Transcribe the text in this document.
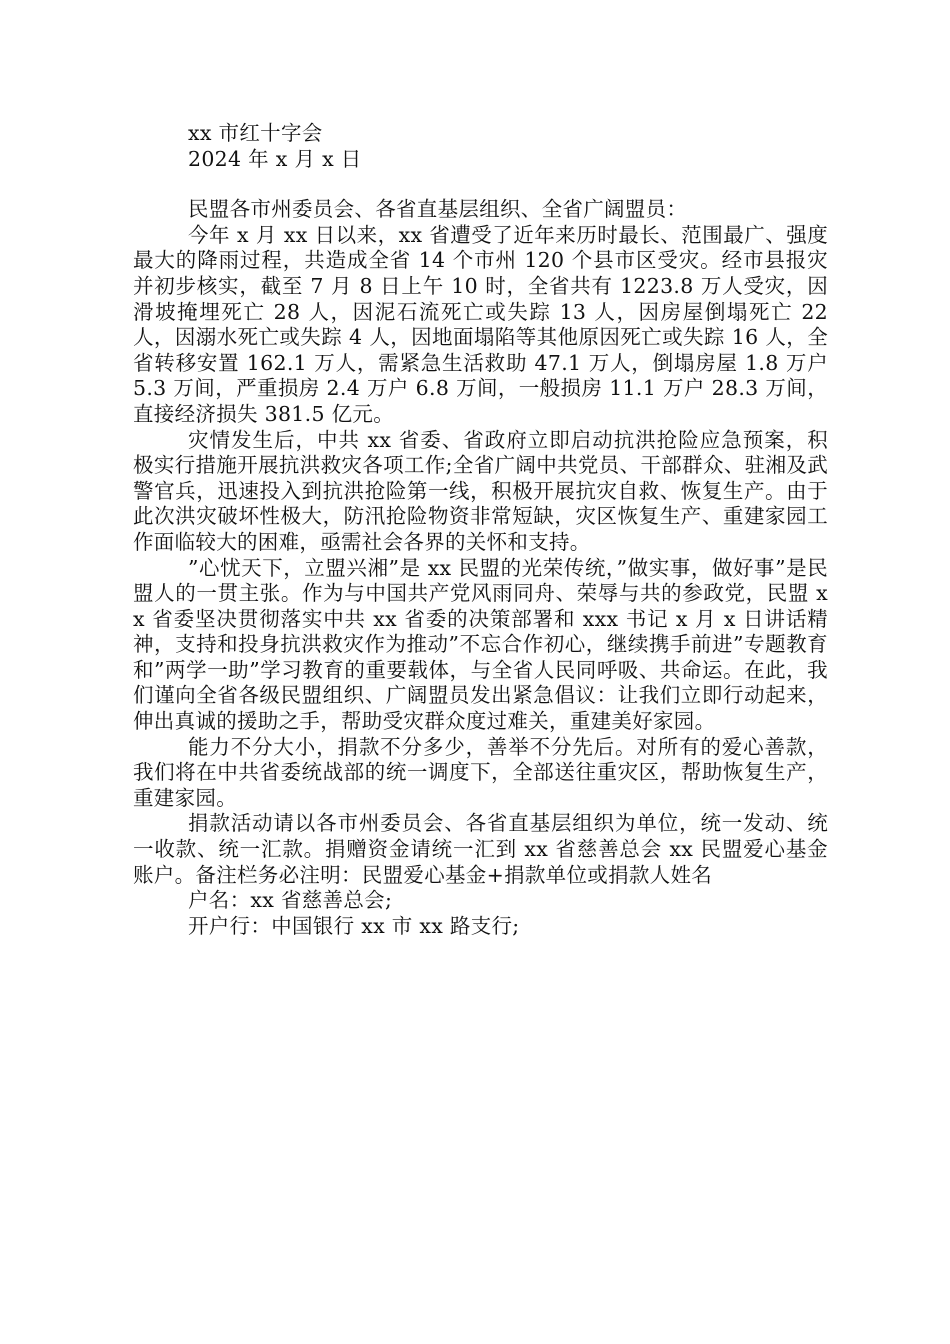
xx 市红十字会

2024 年 x 月 x 日

民盟各市州委员会、各省直基层组织、全省广阔盟员：

今年 x 月 xx 日以来，xx 省遭受了近年来历时最长、范围最广、强度最大的降雨过程，共造成全省 14 个市州 120 个县市区受灾。经市县报灾并初步核实，截至 7 月 8 日上午 10 时，全省共有 1223.8 万人受灾，因滑坡掩埋死亡 28 人，因泥石流死亡或失踪 13 人，因房屋倒塌死亡 22 人，因溺水死亡或失踪 4 人，因地面塌陷等其他原因死亡或失踪 16 人，全省转移安置 162.1 万人，需紧急生活救助 47.1 万人，倒塌房屋 1.8 万户 5.3 万间，严重损房 2.4 万户 6.8 万间，一般损房 11.1 万户 28.3 万间，直接经济损失 381.5 亿元。

灾情发生后，中共 xx 省委、省政府立即启动抗洪抢险应急预案，积极实行措施开展抗洪救灾各项工作;全省广阔中共党员、干部群众、驻湘及武警官兵，迅速投入到抗洪抢险第一线，积极开展抗灾自救、恢复生产。由于此次洪灾破坏性极大，防汛抢险物资非常短缺，灾区恢复生产、重建家园工作面临较大的困难，亟需社会各界的关怀和支持。

”心忧天下，立盟兴湘”是 xx 民盟的光荣传统，”做实事，做好事”是民盟人的一贯主张。作为与中国共产党风雨同舟、荣辱与共的参政党，民盟 xx 省委坚决贯彻落实中共 xx 省委的决策部署和 xxx 书记 x 月 x 日讲话精神，支持和投身抗洪救灾作为推动”不忘合作初心，继续携手前进”专题教育和”两学一助”学习教育的重要载体，与全省人民同呼吸、共命运。在此，我们谨向全省各级民盟组织、广阔盟员发出紧急倡议：让我们立即行动起来，伸出真诚的援助之手，帮助受灾群众度过难关，重建美好家园。

能力不分大小，捐款不分多少，善举不分先后。对所有的爱心善款，我们将在中共省委统战部的统一调度下，全部送往重灾区，帮助恢复生产，重建家园。

捐款活动请以各市州委员会、各省直基层组织为单位，统一发动、统一收款、统一汇款。捐赠资金请统一汇到 xx 省慈善总会 xx 民盟爱心基金账户。备注栏务必注明：民盟爱心基金+捐款单位或捐款人姓名

户名：xx 省慈善总会;

开户行：中国银行 xx 市 xx 路支行;
